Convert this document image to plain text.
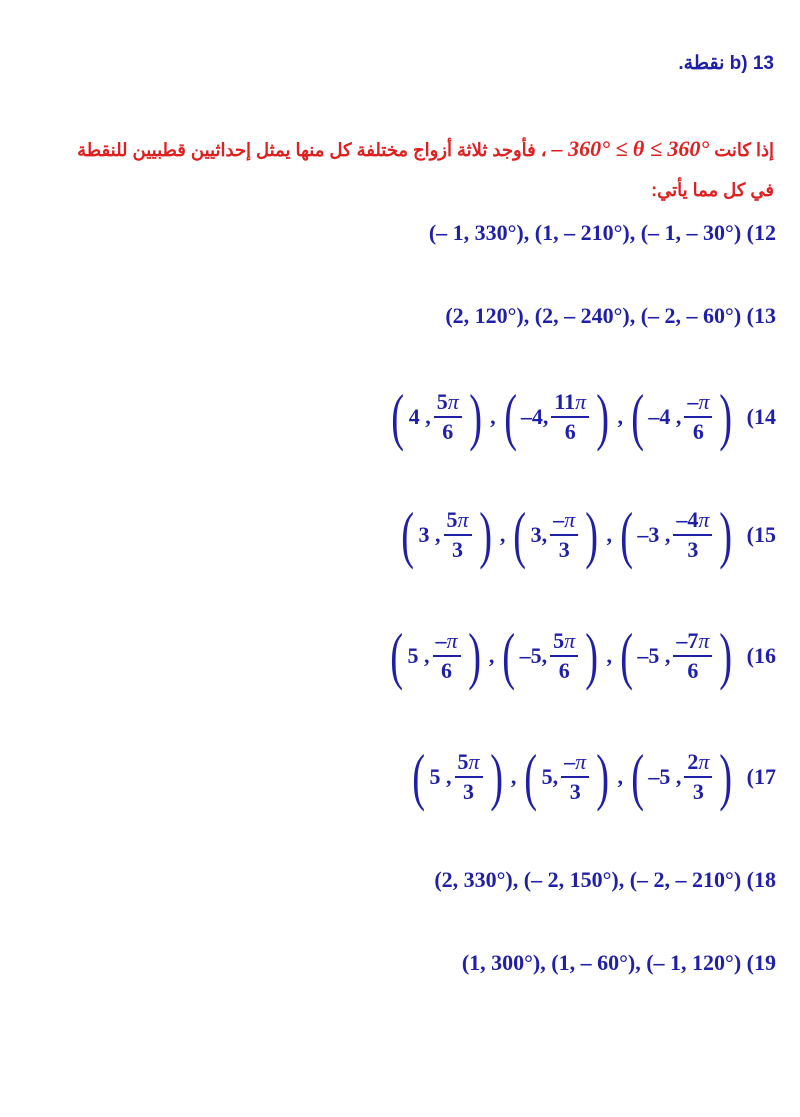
b) 13 نقطة.
إذا كانت – 360° ≤ θ ≤ 360° ، فأوجد ثلاثة أزواج مختلفة كل منها يمثل إحداثيين قطبيين للنقطة
في كل مما يأتي:
(– 1, 330°), (1, – 210°), (– 1, – 30°) (12
(2, 120°), (2, – 240°), (– 2, – 60°) (13
( 4 , $\frac{5\pi}{6}$ ) , ( –4, $\frac{11\pi}{6}$ ) , ( –4 , $\frac{-\pi}{6}$ ) (14
( 3 , $\frac{5\pi}{3}$ ) , ( 3, $\frac{-\pi}{3}$ ) , ( –3 , $\frac{-4\pi}{3}$ ) (15
( 5 , $\frac{-\pi}{6}$ ) , ( –5, $\frac{5\pi}{6}$ ) , ( –5 , $\frac{-7\pi}{6}$ ) (16
( 5 , $\frac{5\pi}{3}$ ) , ( 5, $\frac{-\pi}{3}$ ) , ( –5 , $\frac{2\pi}{3}$ ) (17
(2, 330°), (– 2, 150°), (– 2, – 210°) (18
(1, 300°), (1, – 60°), (– 1, 120°) (19
